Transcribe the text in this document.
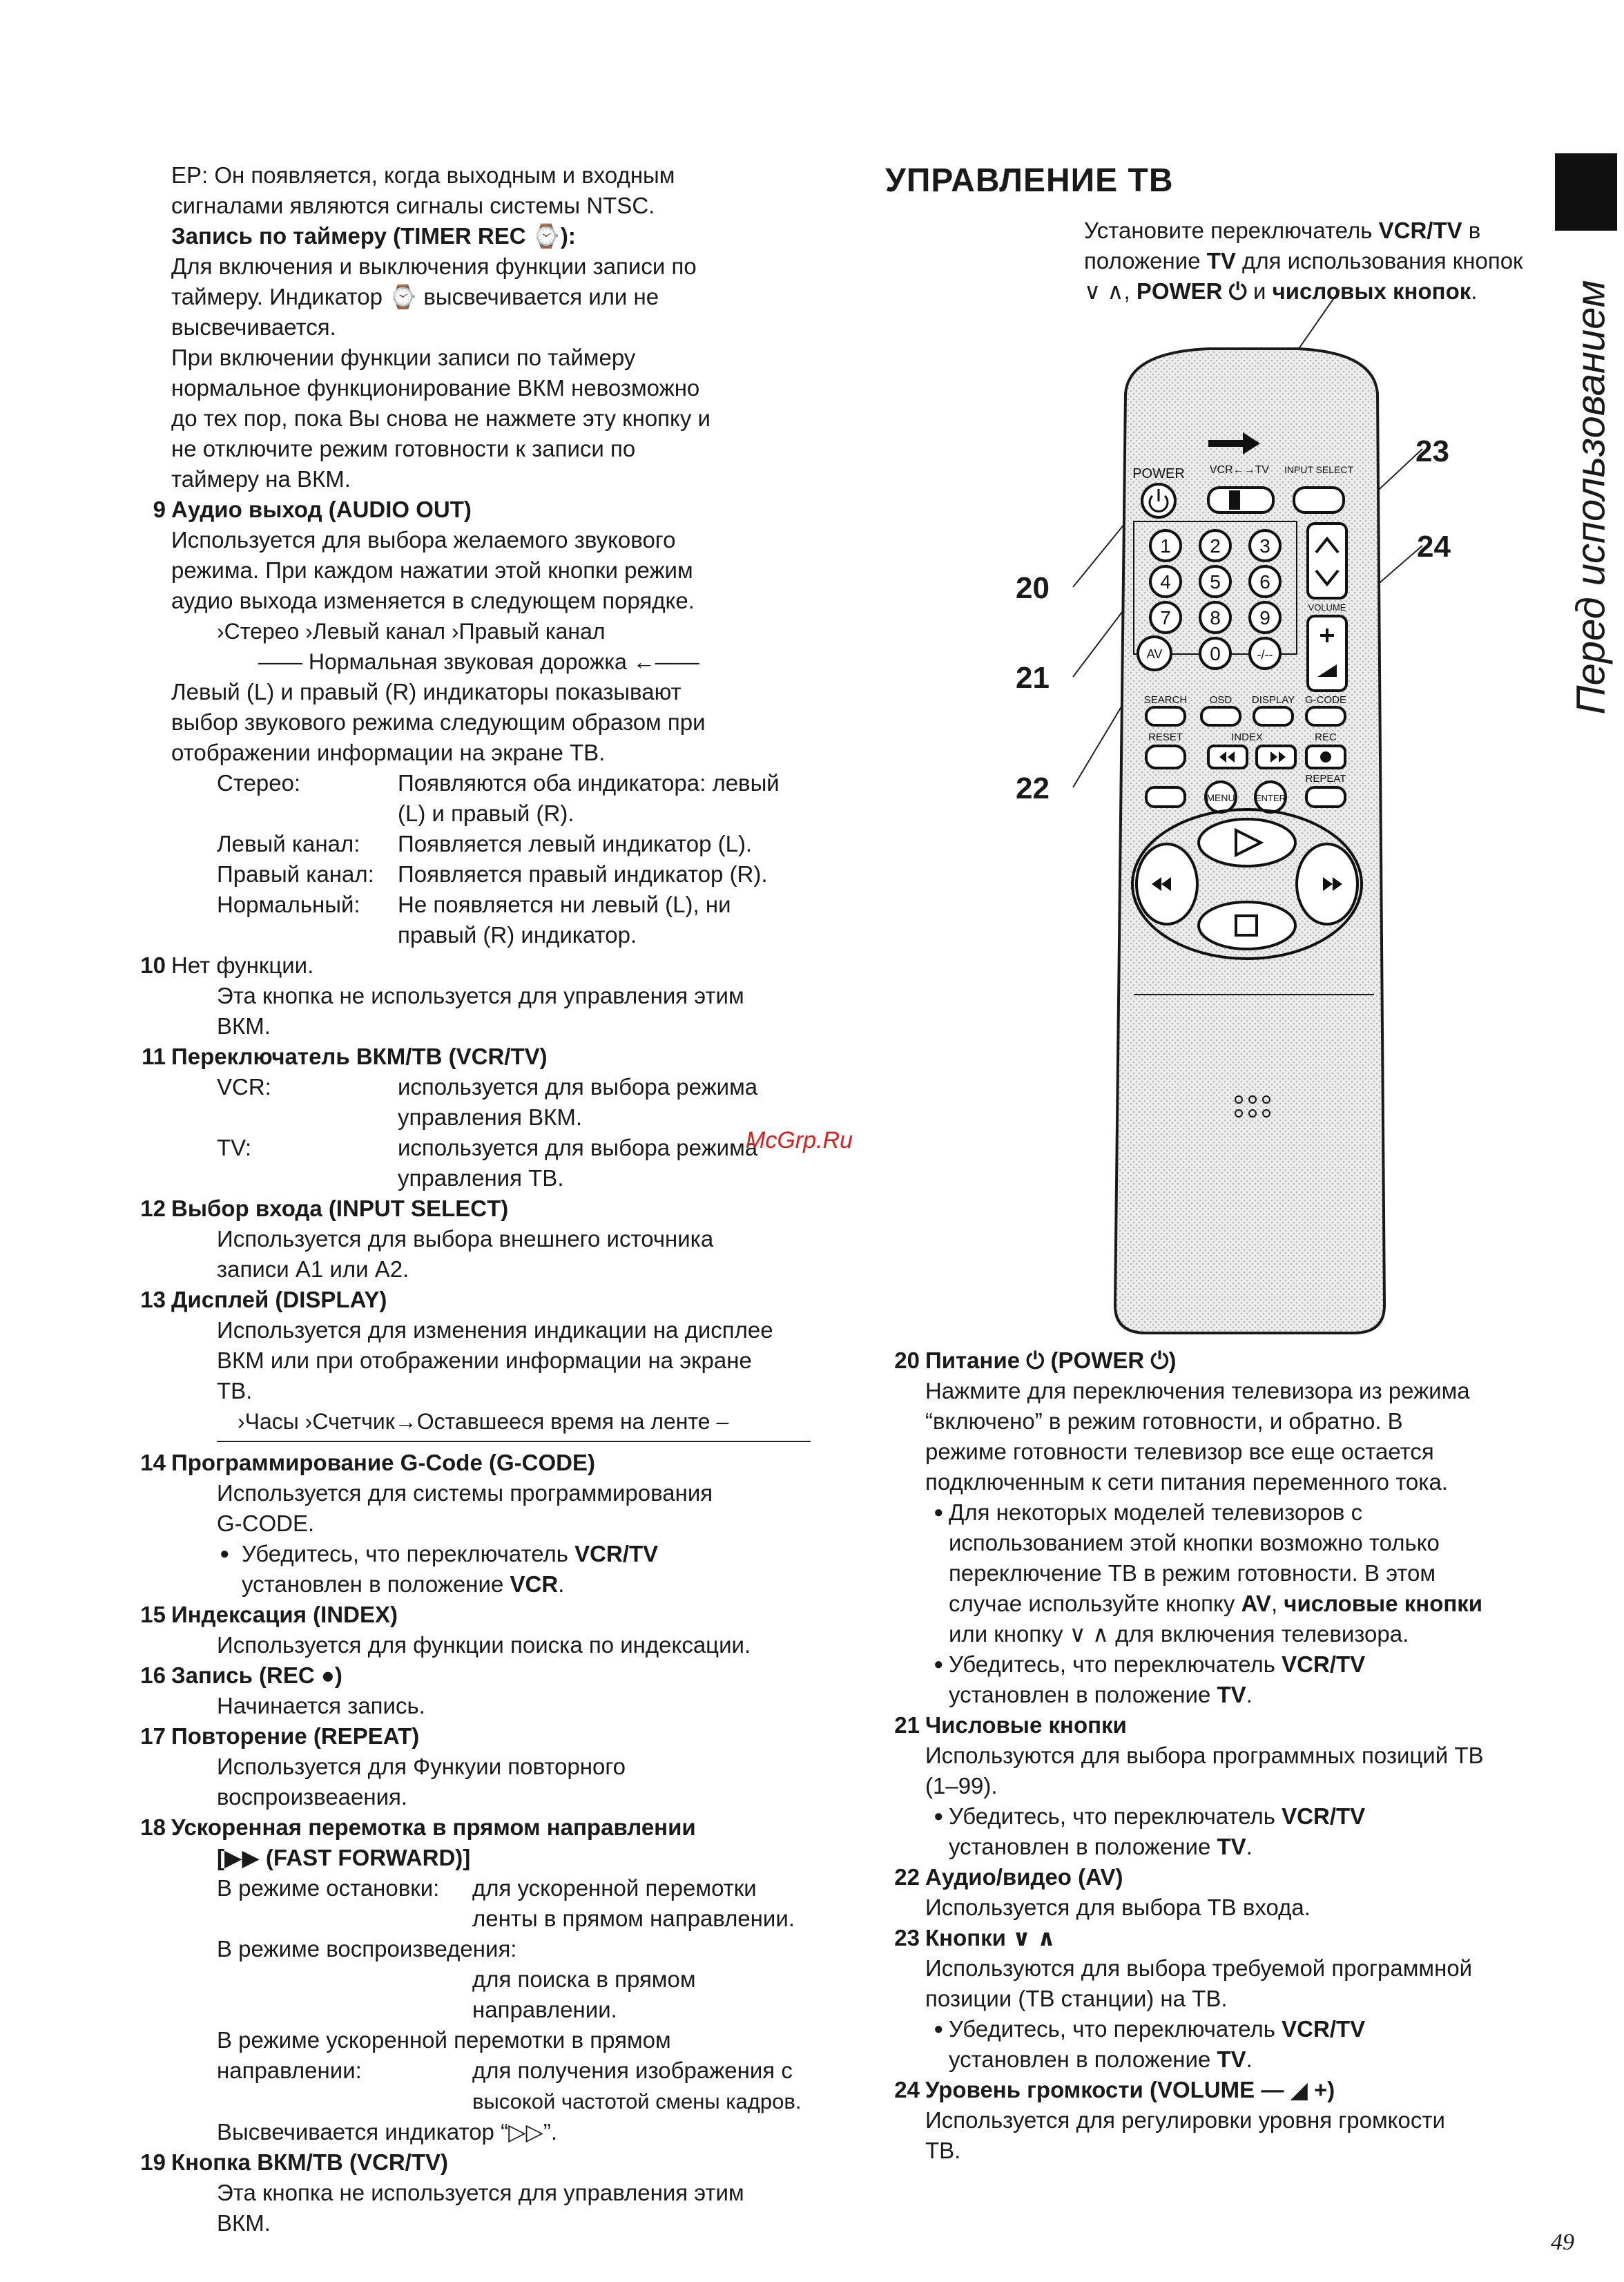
EP: Он появляется, когда выходным и входным

сигналами являются сигналы системы NTSC.

Запись по таймеру (TIMER REC ⌚):

Для включения и выключения функции записи по

таймеру. Индикатор ⌚ высвечивается или не

высвечивается.

При включении функции записи по таймеру

нормальное функционирование ВКМ невозможно

до тех пор, пока Вы снова не нажмете эту кнопку и

не отключите режим готовности к записи по

таймеру на ВКМ.

9 Аудио выход (AUDIO OUT)

Используется для выбора желаемого звукового

режима. При каждом нажатии этой кнопки режим

аудио выхода изменяется в следующем порядке.

›Стерео ›Левый канал ›Правый канал

—— Нормальная звуковая дорожка ←——

Левый (L) и правый (R) индикаторы показывают

выбор звукового режима следующим образом при

отображении информации на экране ТВ.

Стерео:	Появляются оба индикатора: левый
(L) и правый (R).
Левый канал:	Появляется левый индикатор (L).
Правый канал:	Появляется правый индикатор (R).
Нормальный:	Не появляется ни левый (L), ни
правый (R) индикатор.

10 Нет функции.

Эта кнопка не используется для управления этим

ВКМ.

11 Переключатель ВКМ/ТВ (VCR/TV)

VCR:	используется для выбора режима
управления ВКМ.
TV:	используется для выбора режима
управления ТВ.

12 Выбор входа (INPUT SELECT)

Используется для выбора внешнего источника

записи A1 или A2.

13 Дисплей (DISPLAY)

Используется для изменения индикации на дисплее

ВКМ или при отображении информации на экране

ТВ.

›Часы ›Счетчик→Оставшееся время на ленте –

14 Программирование G-Code (G-CODE)

Используется для системы программирования

G-CODE.

● Убедитесь, что переключатель VCR/TV
установлен в положение VCR.

15 Индексация (INDEX)

Используется для функции поиска по индексации.

16 Запись (REC ●)

Начинается запись.

17 Повторение (REPEAT)

Используется для Функуии повторного

воспроизвеаения.

18 Ускоренная перемотка в прямом направлении

[▶▶ (FAST FORWARD)]

В режиме остановки:	для ускоренной перемотки
ленты в прямом направлении.

В режиме воспроизведения:

для поиска в прямом
направлении.

В режиме ускоренной перемотки в прямом

направлении:	для получения изображения с
высокой частотой смены кадров.

Высвечивается индикатор “▷▷”.

19 Кнопка ВКМ/ТВ (VCR/TV)

Эта кнопка не используется для управления этим

ВКМ.

УПРАВЛЕНИЕ ТВ
Установите переключатель VCR/TV в положение TV для использования кнопок ∨ ∧, POWER ⏻ и числовых кнопок.	Перед использованием
POWER VCR←→TV INPUT SELECT
1 2 3
4 5 6
7 8 9
0	-/--
AV
VOLUME
SEARCH OSD DISPLAY G-CODE
RESET	INDEX	REC
MENU ENTER
REPEAT
20
21
22
23
24

20 Питание ⏻ (POWER ⏻)

Нажмите для переключения телевизора из режима

“включено” в режим готовности, и обратно. В

режиме готовности телевизор все еще остается

подключенным к сети питания переменного тока.

● Для некоторых моделей телевизоров с
использованием этой кнопки возможно только
переключение ТВ в режим готовности. В этом
случае используйте кнопку AV, числовые кнопки
или кнопку ∨ ∧ для включения телевизора.

● Убедитесь, что переключатель VCR/TV
установлен в положение TV.

21 Числовые кнопки

Используются для выбора программных позиций ТВ

(1–99).

● Убедитесь, что переключатель VCR/TV
установлен в положение TV.

22 Аудио/видео (AV)

Используется для выбора ТВ входа.

23 Кнопки ∨ ∧

Используются для выбора требуемой программной

позиции (ТВ станции) на ТВ.

● Убедитесь, что переключатель VCR/TV
установлен в положение TV.

24 Уровень громкости (VOLUME — ◢ +)

Используется для регулировки уровня громкости

ТВ.

McGrp.Ru
49
